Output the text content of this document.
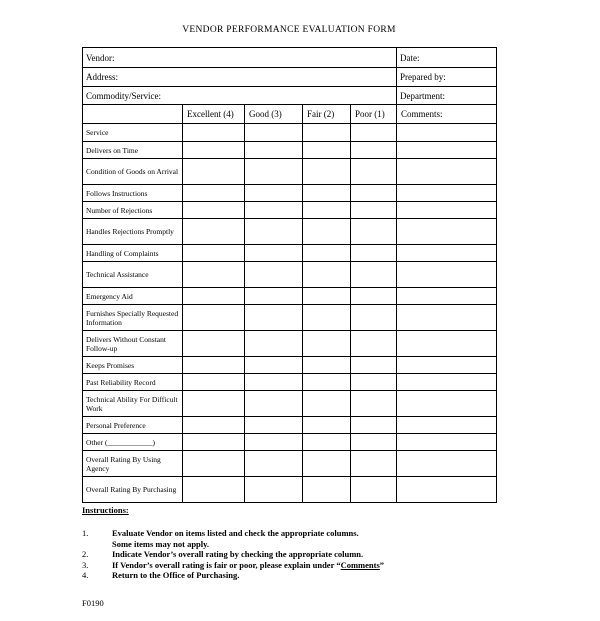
VENDOR PERFORMANCE EVALUATION FORM
Vendor:					Date:
Address:					Prepared by:
Commodity/Service:					Department:
	Excellent (4)	Good (3)	Fair (2)	Poor (1)	Comments:
Service					
Delivers on Time					
Condition of Goods on Arrival					
Follows Instructions					
Number of Rejections					
Handles Rejections Promptly					
Handling of Complaints					
Technical Assistance					
Emergency Aid					
Furnishes Specially Requested Information					
Delivers Without Constant Follow-up					
Keeps Promises					
Past Reliability Record					
Technical Ability For Difficult Work					
Personal Preference					
Other (____________)					
Overall Rating By Using Agency					
Overall Rating By Purchasing					
Instructions:
1.	Evaluate Vendor on items listed and check the appropriate columns.
Some items may not apply.
2.	Indicate Vendor’s overall rating by checking the appropriate column.
3.	If Vendor’s overall rating is fair or poor, please explain under “Comments”
4.	Return to the Office of Purchasing.
F0190
